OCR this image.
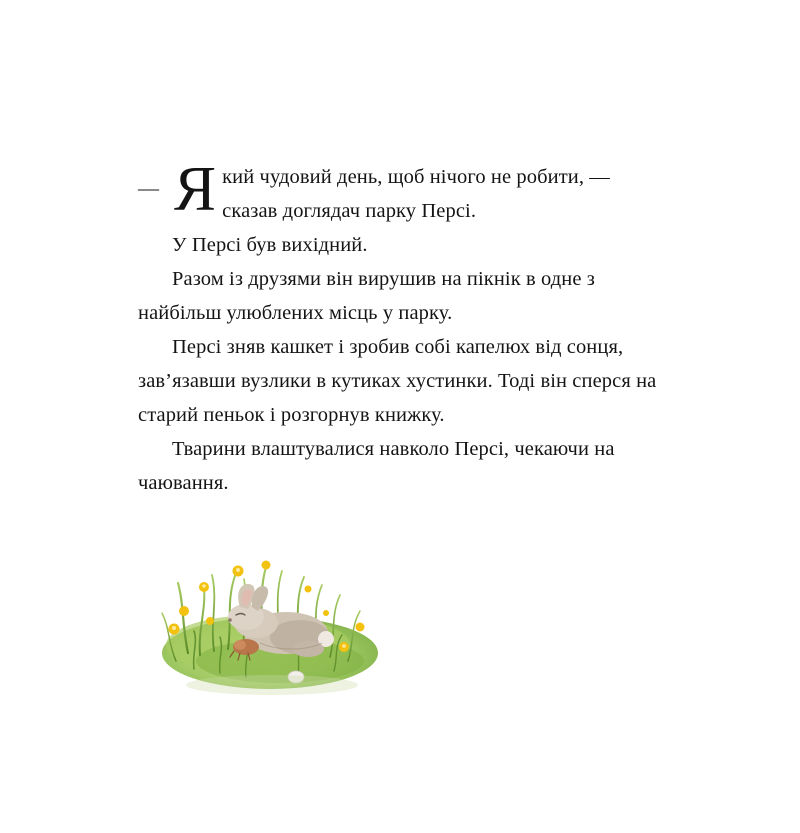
— Я кий чудовий день, щоб нічого не робити, —
сказав доглядач парку Персі.

У Персі був вихідний.

Разом із друзями він вирушив на пікнік в одне з найбільш улюблених місць у парку.

Персі зняв кашкет і зробив собі капелюх від сонця, зав’язавши вузлики в кутиках хустинки. Тоді він сперся на старий пеньок і розгорнув книжку.

Тварини влаштувалися навколо Персі, чекаючи на чаювання.
